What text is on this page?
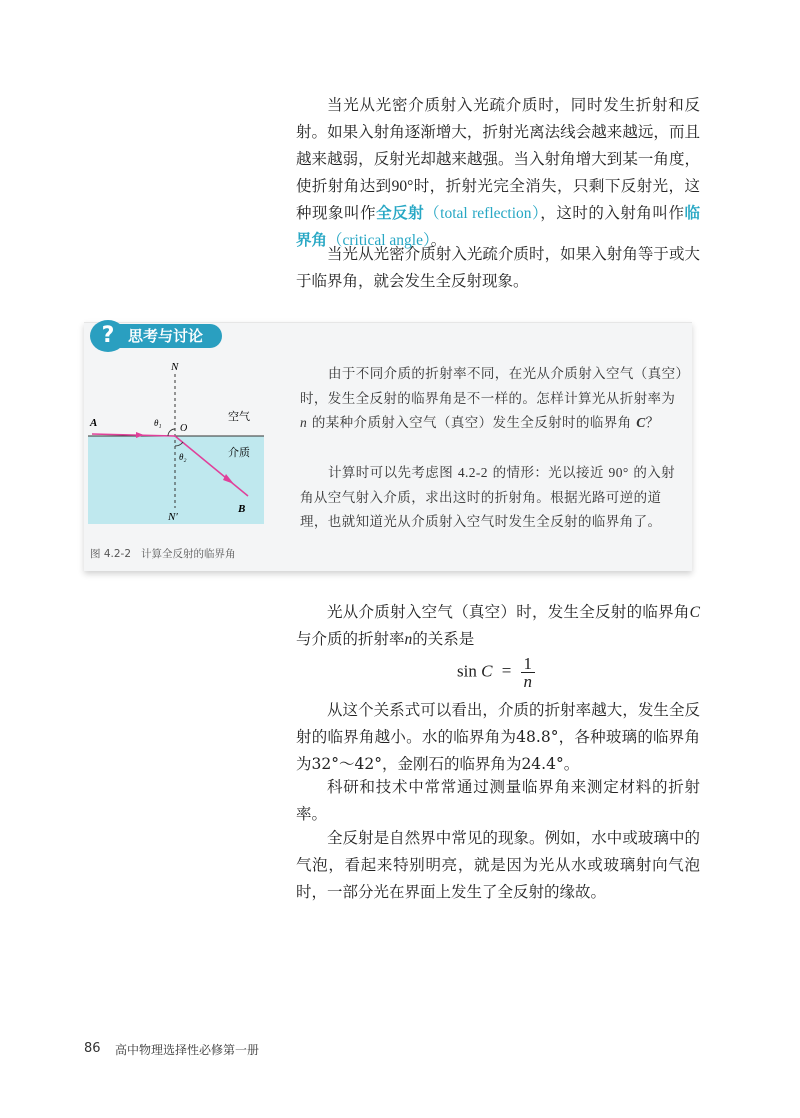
当光从光密介质射入光疏介质时，同时发生折射和反射。如果入射角逐渐增大，折射光离法线会越来越远，而且越来越弱，反射光却越来越强。当入射角增大到某一角度，使折射角达到90°时，折射光完全消失，只剩下反射光，这种现象叫作全反射（total reflection），这时的入射角叫作临界角（critical angle）。

当光从光密介质射入光疏介质时，如果入射角等于或大于临界角，就会发生全反射现象。

? 思考与讨论
N
N′
A
B
O
θ₁
θ₂
空气
介质
图 4.2-2 计算全反射的临界角

由于不同介质的折射率不同，在光从介质射入空气（真空）时，发生全反射的临界角是不一样的。怎样计算光从折射率为 n 的某种介质射入空气（真空）发生全反射时的临界角 C？

计算时可以先考虑图 4.2-2 的情形：光以接近 90° 的入射角从空气射入介质，求出这时的折射角。根据光路可逆的道理，也就知道光从介质射入空气时发生全反射的临界角了。

光从介质射入空气（真空）时，发生全反射的临界角C与介质的折射率n的关系是

$\sin C = \frac{1}{n}$

从这个关系式可以看出，介质的折射率越大，发生全反射的临界角越小。水的临界角为48.8°，各种玻璃的临界角为32°～42°，金刚石的临界角为24.4°。

科研和技术中常常通过测量临界角来测定材料的折射率。

全反射是自然界中常见的现象。例如，水中或玻璃中的气泡，看起来特别明亮，就是因为光从水或玻璃射向气泡时，一部分光在界面上发生了全反射的缘故。

86 高中物理选择性必修第一册
